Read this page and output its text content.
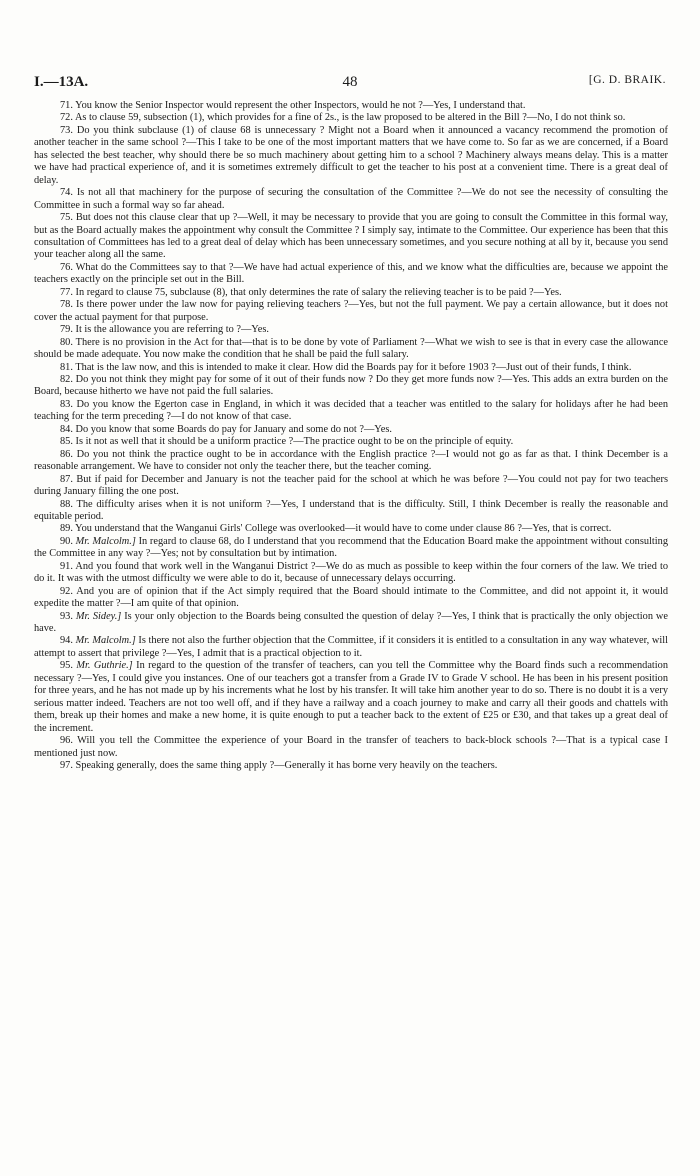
48
I.—13A.	[G. D. BRAIK.

71. You know the Senior Inspector would represent the other Inspectors, would he not ?—Yes, I understand that.

72. As to clause 59, subsection (1), which provides for a fine of 2s., is the law proposed to be altered in the Bill ?—No, I do not think so.

73. Do you think subclause (1) of clause 68 is unnecessary ? Might not a Board when it announced a vacancy recommend the promotion of another teacher in the same school ?—This I take to be one of the most important matters that we have come to. So far as we are concerned, if a Board has selected the best teacher, why should there be so much machinery about getting him to a school ? Machinery always means delay. This is a matter we have had practical experience of, and it is sometimes extremely difficult to get the teacher to his post at a convenient time. There is a great deal of delay.

74. Is not all that machinery for the purpose of securing the consultation of the Committee ?—We do not see the necessity of consulting the Committee in such a formal way so far ahead.

75. But does not this clause clear that up ?—Well, it may be necessary to provide that you are going to consult the Committee in this formal way, but as the Board actually makes the appointment why consult the Committee ? I simply say, intimate to the Committee. Our experience has been that this consultation of Committees has led to a great deal of delay which has been unnecessary sometimes, and you secure nothing at all by it, because you send your teacher along all the same.

76. What do the Committees say to that ?—We have had actual experience of this, and we know what the difficulties are, because we appoint the teachers exactly on the principle set out in the Bill.

77. In regard to clause 75, subclause (8), that only determines the rate of salary the relieving teacher is to be paid ?—Yes.

78. Is there power under the law now for paying relieving teachers ?—Yes, but not the full payment. We pay a certain allowance, but it does not cover the actual payment for that purpose.

79. It is the allowance you are referring to ?—Yes.

80. There is no provision in the Act for that—that is to be done by vote of Parliament ?—What we wish to see is that in every case the allowance should be made adequate. You now make the condition that he shall be paid the full salary.

81. That is the law now, and this is intended to make it clear. How did the Boards pay for it before 1903 ?—Just out of their funds, I think.

82. Do you not think they might pay for some of it out of their funds now ? Do they get more funds now ?—Yes. This adds an extra burden on the Board, because hitherto we have not paid the full salaries.

83. Do you know the Egerton case in England, in which it was decided that a teacher was entitled to the salary for holidays after he had been teaching for the term preceding ?—I do not know of that case.

84. Do you know that some Boards do pay for January and some do not ?—Yes.

85. Is it not as well that it should be a uniform practice ?—The practice ought to be on the principle of equity.

86. Do you not think the practice ought to be in accordance with the English practice ?—I would not go as far as that. I think December is a reasonable arrangement. We have to consider not only the teacher there, but the teacher coming.

87. But if paid for December and January is not the teacher paid for the school at which he was before ?—You could not pay for two teachers during January filling the one post.

88. The difficulty arises when it is not uniform ?—Yes, I understand that is the difficulty. Still, I think December is really the reasonable and equitable period.

89. You understand that the Wanganui Girls' College was overlooked—it would have to come under clause 86 ?—Yes, that is correct.

90. Mr. Malcolm.] In regard to clause 68, do I understand that you recommend that the Education Board make the appointment without consulting the Committee in any way ?—Yes; not by consultation but by intimation.

91. And you found that work well in the Wanganui District ?—We do as much as possible to keep within the four corners of the law. We tried to do it. It was with the utmost difficulty we were able to do it, because of unnecessary delays occurring.

92. And you are of opinion that if the Act simply required that the Board should intimate to the Committee, and did not appoint it, it would expedite the matter ?—I am quite of that opinion.

93. Mr. Sidey.] Is your only objection to the Boards being consulted the question of delay ?—Yes, I think that is practically the only objection we have.

94. Mr. Malcolm.] Is there not also the further objection that the Committee, if it considers it is entitled to a consultation in any way whatever, will attempt to assert that privilege ?—Yes, I admit that is a practical objection to it.

95. Mr. Guthrie.] In regard to the question of the transfer of teachers, can you tell the Committee why the Board finds such a recommendation necessary ?—Yes, I could give you instances. One of our teachers got a transfer from a Grade IV to Grade V school. He has been in his present position for three years, and he has not made up by his increments what he lost by his transfer. It will take him another year to do so. There is no doubt it is a very serious matter indeed. Teachers are not too well off, and if they have a railway and a coach journey to make and carry all their goods and chattels with them, break up their homes and make a new home, it is quite enough to put a teacher back to the extent of £25 or £30, and that takes up a great deal of the increment.

96. Will you tell the Committee the experience of your Board in the transfer of teachers to back-block schools ?—That is a typical case I mentioned just now.

97. Speaking generally, does the same thing apply ?—Generally it has borne very heavily on the teachers.
